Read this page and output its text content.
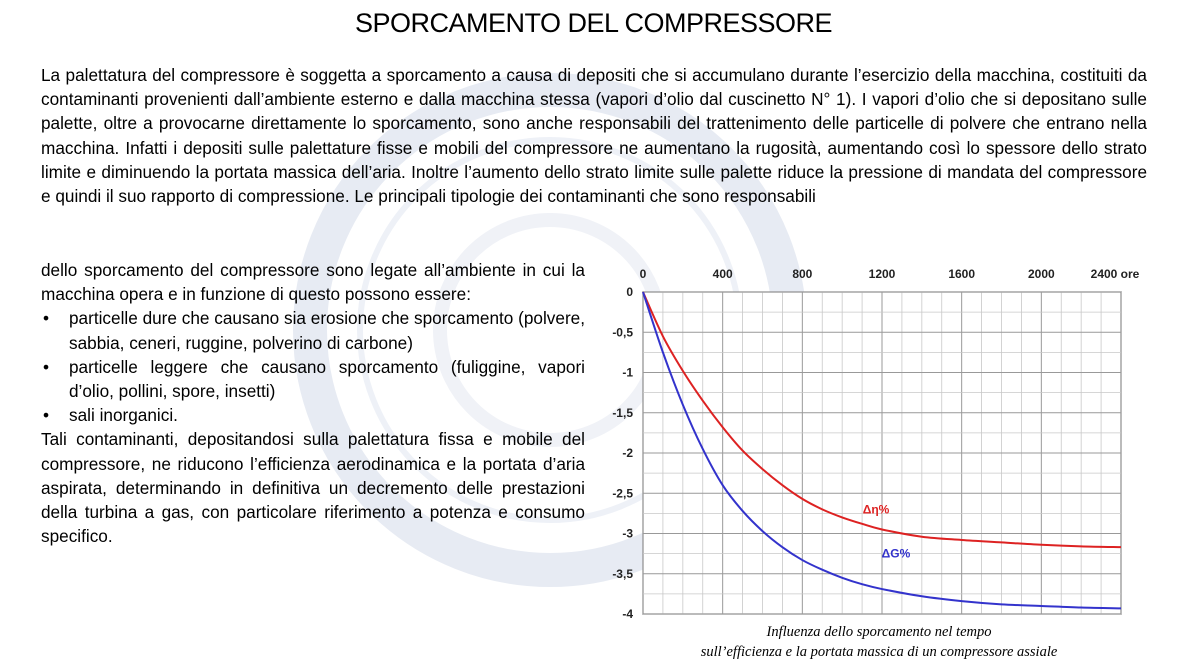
SPORCAMENTO DEL COMPRESSORE

La palettatura del compressore è soggetta a sporcamento a causa di depositi che si accumulano durante l’esercizio della macchina, costituiti da contaminanti provenienti dall’ambiente esterno e dalla macchina stessa (vapori d’olio dal cuscinetto N° 1). I vapori d’olio che si depositano sulle palette, oltre a provocarne direttamente lo sporcamento, sono anche responsabili del trattenimento delle particelle di polvere che entrano nella macchina. Infatti i depositi sulle palettature fisse e mobili del compressore ne aumentano la rugosità, aumentando così lo spessore dello strato limite e diminuendo la portata massica dell’aria. Inoltre l’aumento dello strato limite sulle palette riduce la pressione di mandata del compressore e quindi il suo rapporto di compressione. Le principali tipologie dei contaminanti che sono responsabili

dello sporcamento del compressore sono legate all’ambiente in cui la macchina opera e in funzione di questo possono essere:

• particelle dure che causano sia erosione che sporcamento (polvere, sabbia, ceneri, ruggine, polverino di carbone)
• particelle leggere che causano sporcamento (fuliggine, vapori d’olio, pollini, spore, insetti)
• sali inorganici.

Tali contaminanti, depositandosi sulla palettatura fissa e mobile del compressore, ne riducono l’efficienza aerodinamica e la portata d’aria aspirata, determinando in definitiva un decremento delle prestazioni della turbina a gas, con particolare riferimento a potenza e consumo specifico.

0	400	800	1200	1600	2000	2400 ore
0
-0,5
-1
-1,5
-2
-2,5
-3
-3,5
-4
Δη%
ΔG%
Influenza dello sporcamento nel tempo
sull’efficienza e la portata massica di un compressore assiale
